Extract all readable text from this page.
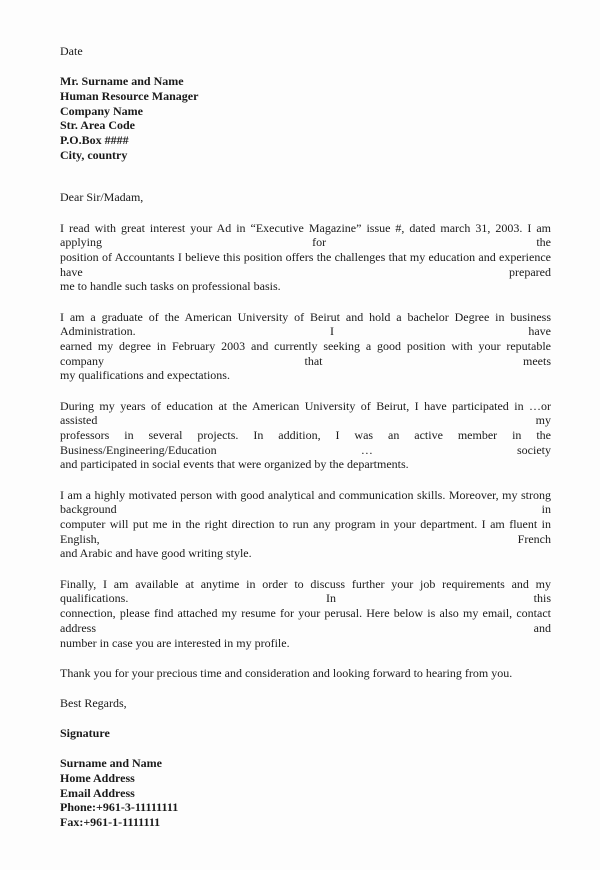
Date
Mr. Surname and Name
Human Resource Manager
Company Name
Str. Area Code
P.O.Box ####
City, country
Dear Sir/Madam,
I read with great interest your Ad in “Executive Magazine” issue #, dated march 31, 2003. I am applying for the
position of Accountants I believe this position offers the challenges that my education and experience have prepared
me to handle such tasks on professional basis.
I am a graduate of the American University of Beirut and hold a bachelor Degree in business Administration. I have
earned my degree in February 2003 and currently seeking a good position with your reputable company that meets
my qualifications and expectations.
During my years of education at the American University of Beirut, I have participated in …or assisted my
professors in several projects. In addition, I was an active member in the Business/Engineering/Education … society
and participated in social events that were organized by the departments.
I am a highly motivated person with good analytical and communication skills. Moreover, my strong background in
computer will put me in the right direction to run any program in your department. I am fluent in English, French
and Arabic and have good writing style.
Finally, I am available at anytime in order to discuss further your job requirements and my qualifications. In this
connection, please find attached my resume for your perusal. Here below is also my email, contact address and
number in case you are interested in my profile.
Thank you for your precious time and consideration and looking forward to hearing from you.
Best Regards,
Signature
Surname and Name
Home Address
Email Address
Phone:+961-3-11111111
Fax:+961-1-1111111
